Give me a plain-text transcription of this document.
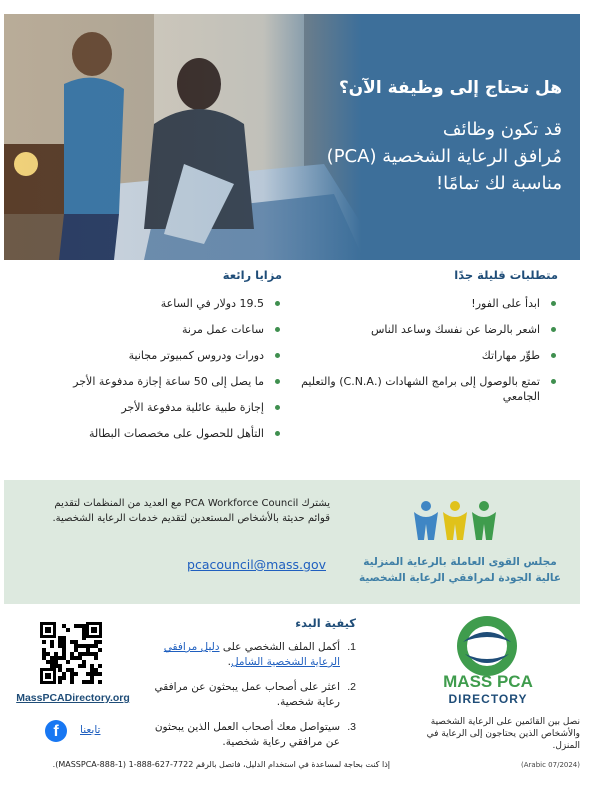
هل تحتاج إلى وظيفة الآن؟
قد تكون وظائف
مُرافق الرعاية الشخصية (PCA)
مناسبة لك تمامًا!
متطلبات قليلة جدًا
ابدأ على الفور!
اشعر بالرضا عن نفسك وساعد الناس
طوِّر مهاراتك
تمتع بالوصول إلى برامج الشهادات (.C.N.A) والتعليم الجامعي
مزايا رائعة
19.5 دولار في الساعة
ساعات عمل مرنة
دورات ودروس كمبيوتر مجانية
ما يصل إلى 50 ساعة إجازة مدفوعة الأجر
إجازة طبية عائلية مدفوعة الأجر
التأهل للحصول على مخصصات البطالة
مجلس القوى العاملة بالرعاية المنزلية
عالية الجودة لمرافقي الرعاية الشخصية
يشترك PCA Workforce Council مع العديد من المنظمات لتقديم قوائم حديثة بالأشخاص المستعدين لتقديم خدمات الرعاية الشخصية.
pcacouncil@mass.gov
MASS PCA
DIRECTORY
نصل بين القائمين على الرعاية الشخصية والأشخاص الذين يحتاجون إلى الرعاية في المنزل.
كيفية البدء
1.
أكمل الملف الشخصي على دليل مرافقي الرعاية الشخصية الشامل.
2.
اعثر على أصحاب عمل يبحثون عن مرافقي رعاية شخصية.
3.
سيتواصل معك أصحاب العمل الذين يبحثون عن مرافقي رعاية شخصية.
MassPCADirectory.org
f	تابعنا
إذا كنت بحاجة لمساعدة في استخدام الدليل، فاتصل بالرقم 7722-627-888-1 (1-888-MASSPCA).	(07/2024 Arabic)
